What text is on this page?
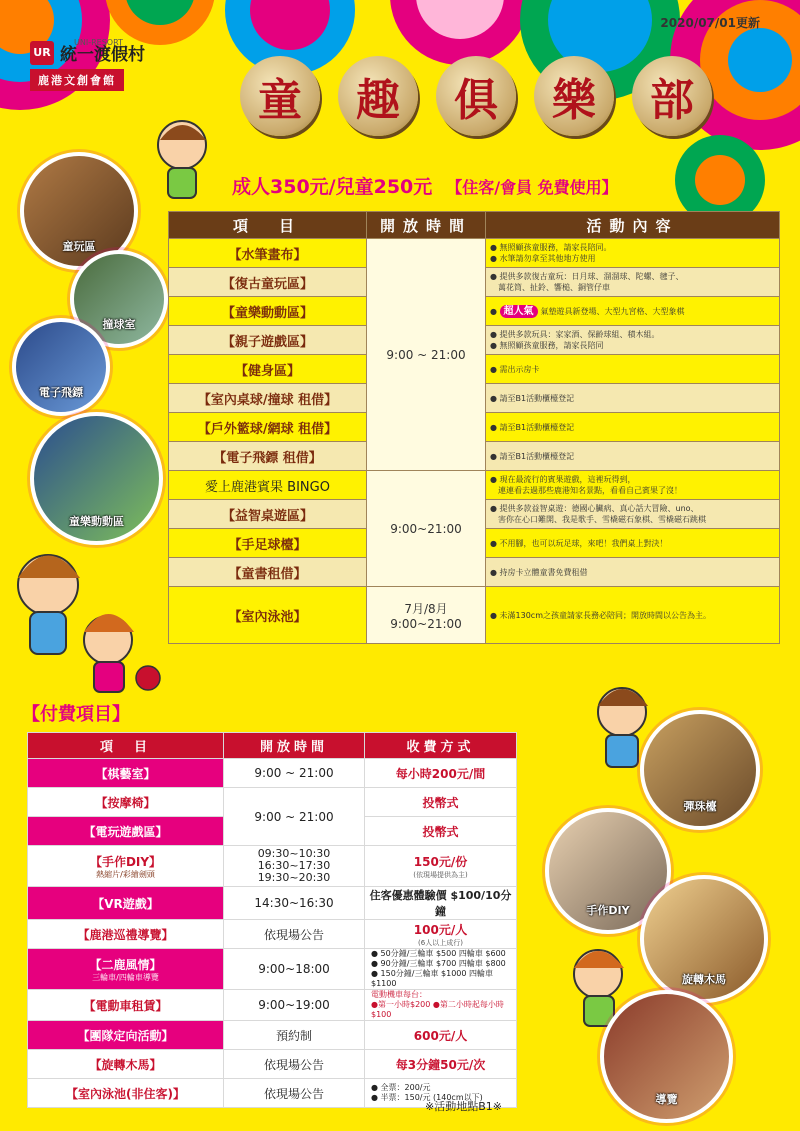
2020/07/01更新
UR
UNI-RESORT
統一渡假村
鹿港文創會館	童	趣	俱	樂	部
成人350元/兒童250元 【住客/會員 免費使用】
童玩區
撞球室
電子飛鏢
童樂動動區
彈珠檯
手作DIY
旋轉木馬
導覽
項　目	開放時間	活動內容
【水筆畫布】	9:00 ~ 21:00	● 無照顧孩童服務，請家長陪同。
● 水筆請勿拿至其他地方使用
【復古童玩區】		● 提供多款復古童玩：日月球、溜溜球、陀螺、毽子、
　萬花筒、扯鈴、響槌、銅管仔車
【童樂動動區】		● 超人氣 氣墊遊具新登場、大型九宮格、大型象棋
【親子遊戲區】		● 提供多款玩具：家家酒、保齡球組、積木組。
● 無照顧孩童服務，請家長陪同
【健身區】		● 需出示房卡
【室內桌球/撞球 租借】		● 請至B1活動櫃檯登記
【戶外籃球/網球 租借】		● 請至B1活動櫃檯登記
【電子飛鏢 租借】		● 請至B1活動櫃檯登記
愛上鹿港賓果 BINGO	9:00~21:00	● 現在最流行的賓果遊戲，這裡玩得到，
　連連看去過那些鹿港知名景點，看看自己賓果了沒！
【益智桌遊區】		● 提供多款益智桌遊：德國心臟病、真心話大冒險、uno、
　害你在心口難開、我是歌手、雪橇磁石象棋、雪橇磁石跳棋
【手足球檯】		● 不用腳，也可以玩足球，來吧！我們桌上對決！
【童書租借】		● 持房卡立體童書免費租借
【室內泳池】	7月/8月
9:00~21:00	● 未滿130cm之孩童請家長務必陪同；開放時間以公告為主。
【付費項目】
項　目	開放時間	收費方式
【棋藝室】	9:00 ~ 21:00	每小時200元/間
【按摩椅】	9:00 ~ 21:00	投幣式
【電玩遊戲區】		投幣式
【手作DIY】
熱縮片/彩繪劍頭	09:30~10:30
16:30~17:30
19:30~20:30	150元/份
(依現場提供為主)

【VR遊戲】	14:30~16:30	住客優惠體驗價 $100/10分鐘
【鹿港巡禮導覽】	依現場公告	100元/人
(6人以上成行)

【二鹿風情】
三輪車/四輪車導覽	9:00~18:00	● 50分鐘/三輪車 $500 四輪車 $600
● 90分鐘/三輪車 $700 四輪車 $800
● 150分鐘/三輪車 $1000 四輪車 $1100
【電動車租賃】	9:00~19:00	電動機車每台：
●第一小時$200 ●第二小時起每小時$100
【團隊定向活動】	預約制	600元/人
【旋轉木馬】	依現場公告	每3分鐘50元/次
【室內泳池(非住客)】	依現場公告	● 全票：200/元
● 半票：150/元 (140cm以下)
※活動地點B1※
